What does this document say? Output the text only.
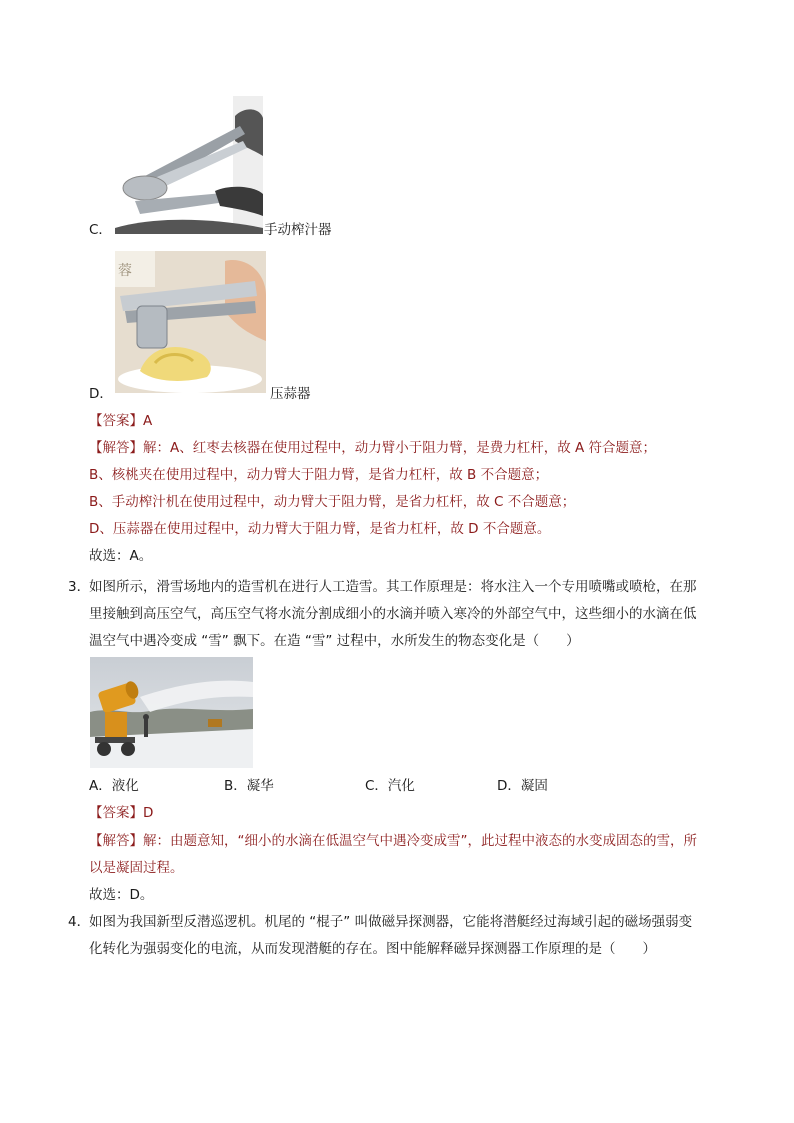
C．	手动榨汁器
蓉
D．	压蒜器
【答案】A
【解答】解：A、红枣去核器在使用过程中，动力臂小于阻力臂，是费力杠杆，故 A 符合题意；
B、核桃夹在使用过程中，动力臂大于阻力臂，是省力杠杆，故 B 不合题意；
B、手动榨汁机在使用过程中，动力臂大于阻力臂，是省力杠杆，故 C 不合题意；
D、压蒜器在使用过程中，动力臂大于阻力臂，是省力杠杆，故 D 不合题意。
故选：A。
3．
如图所示，滑雪场地内的造雪机在进行人工造雪。其工作原理是：将水注入一个专用喷嘴或喷枪，在那
里接触到高压空气，高压空气将水流分割成细小的水滴并喷入寒冷的外部空气中，这些细小的水滴在低
温空气中遇冷变成 “雪” 飘下。在造 “雪” 过程中，水所发生的物态变化是（　　）
A．液化	B．凝华	C．汽化	D．凝固
【答案】D
【解答】解：由题意知，“细小的水滴在低温空气中遇冷变成雪”，此过程中液态的水变成固态的雪，所
以是凝固过程。
故选：D。
4．
如图为我国新型反潜巡逻机。机尾的 “棍子” 叫做磁异探测器，它能将潜艇经过海域引起的磁场强弱变
化转化为强弱变化的电流，从而发现潜艇的存在。图中能解释磁异探测器工作原理的是（　　）
